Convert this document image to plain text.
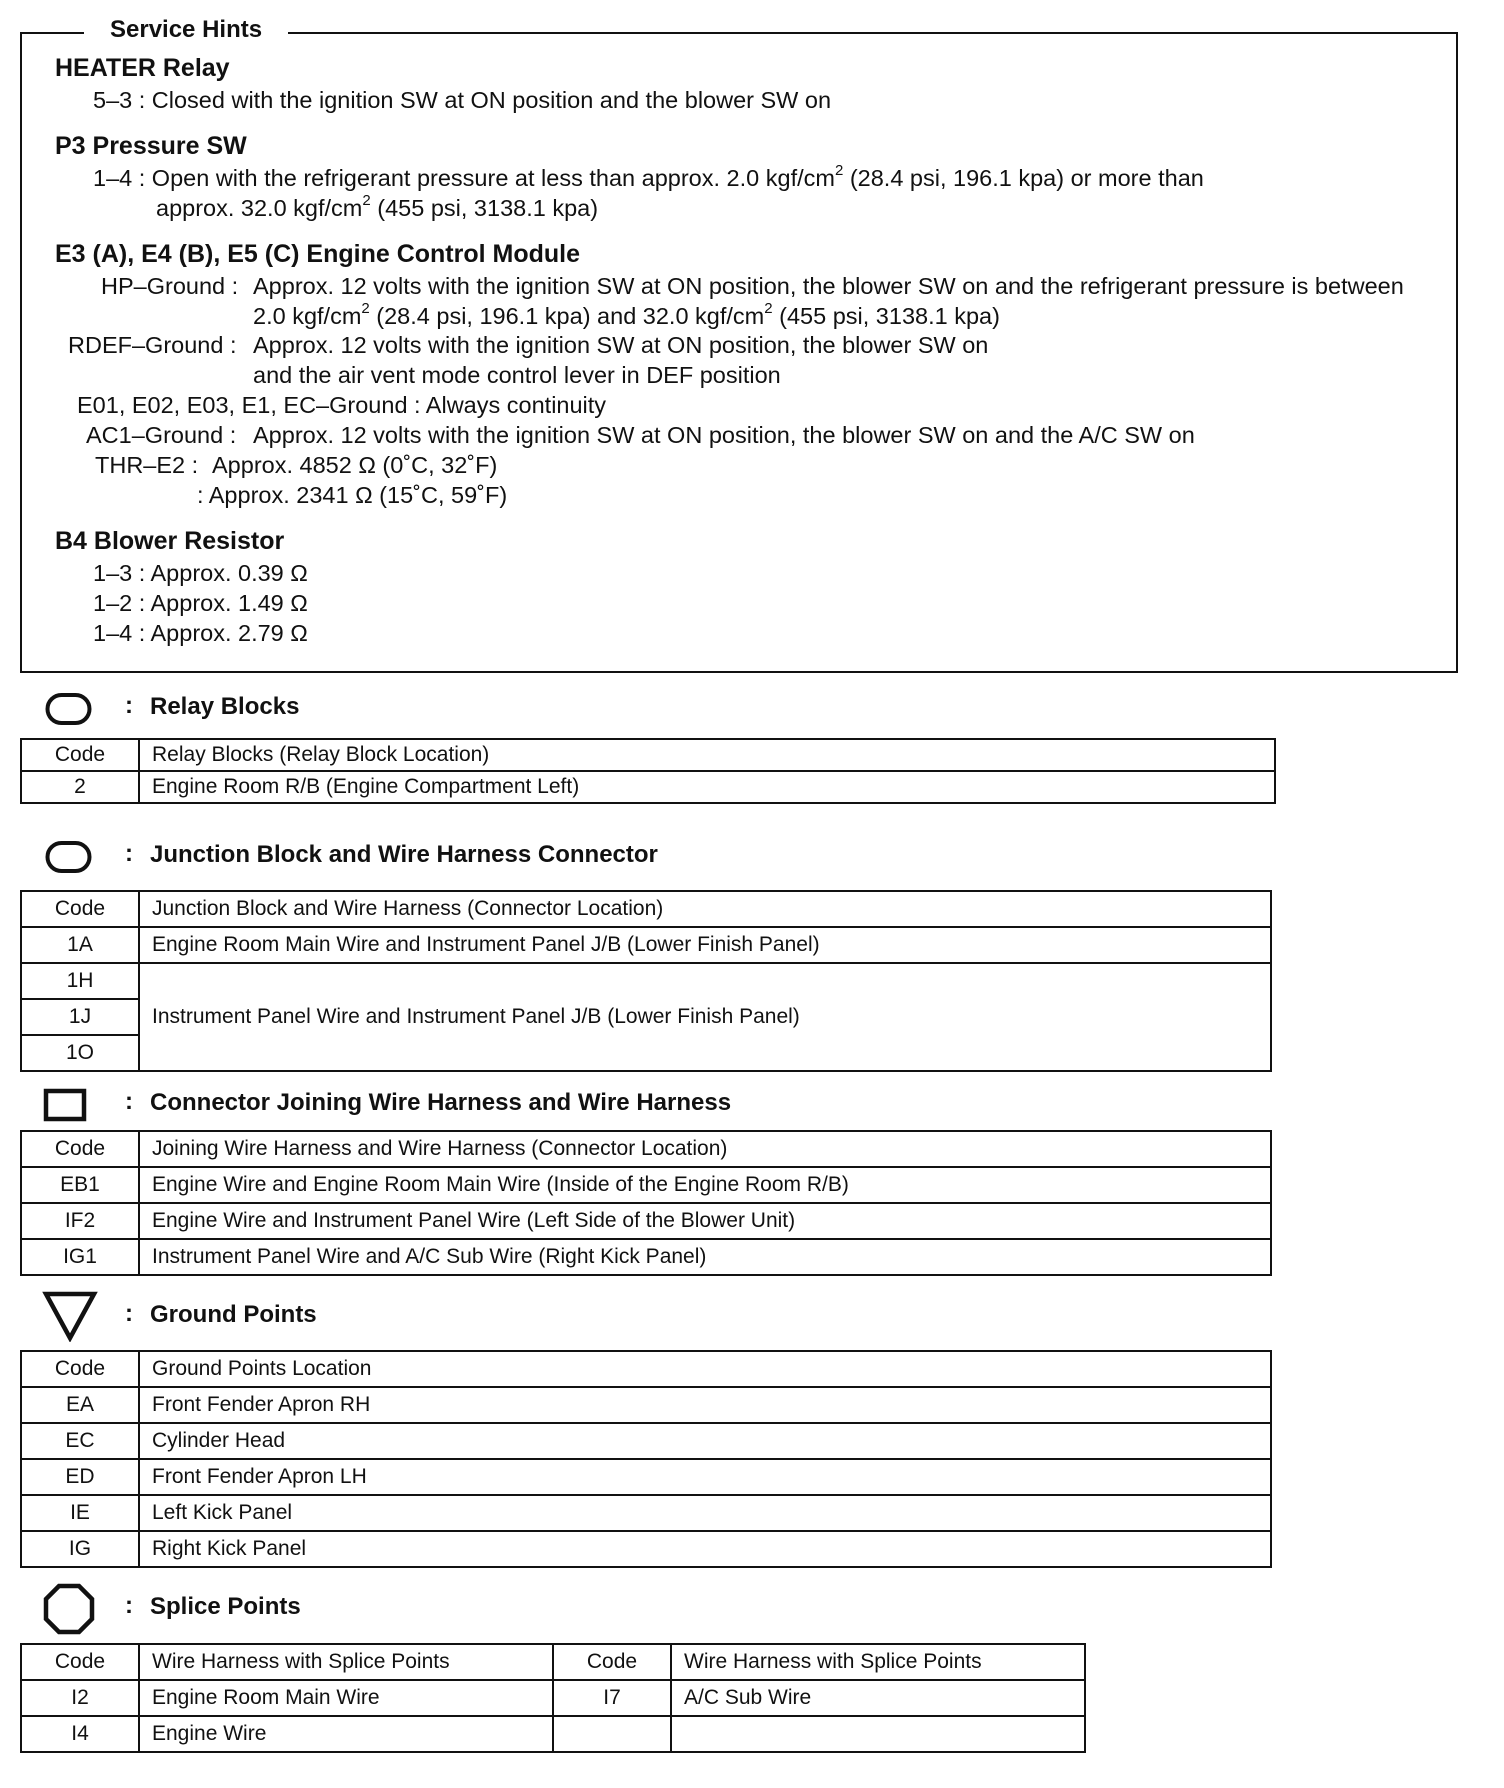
Service Hints
HEATER Relay
5–3 : Closed with the ignition SW at ON position and the blower SW on
P3 Pressure SW
1–4 : Open with the refrigerant pressure at less than approx. 2.0 kgf/$cm^2$ (28.4 psi, 196.1 kpa) or more than
approx. 32.0 kgf/$cm^2$ (455 psi, 3138.1 kpa)
E3 (A), E4 (B), E5 (C) Engine Control Module
HP–Ground : Approx. 12 volts with the ignition SW at ON position, the blower SW on and the refrigerant pressure is between
2.0 kgf/$cm^2$ (28.4 psi, 196.1 kpa) and 32.0 kgf/$cm^2$ (455 psi, 3138.1 kpa)
RDEF–Ground : Approx. 12 volts with the ignition SW at ON position, the blower SW on
and the air vent mode control lever in DEF position
E01, E02, E03, E1, EC–Ground : Always continuity
AC1–Ground : Approx. 12 volts with the ignition SW at ON position, the blower SW on and the A/C SW on
THR–E2 : Approx. 4852 Ω (0˚C, 32˚F)
: Approx. 2341 Ω (15˚C, 59˚F)
B4 Blower Resistor
1–3 : Approx. 0.39 Ω
1–2 : Approx. 1.49 Ω
1–4 : Approx. 2.79 Ω
: Relay Blocks
Code	Relay Blocks (Relay Block Location)
2	Engine Room R/B (Engine Compartment Left)
: Junction Block and Wire Harness Connector
Code	Junction Block and Wire Harness (Connector Location)
1A	Engine Room Main Wire and Instrument Panel J/B (Lower Finish Panel)
1H	Instrument Panel Wire and Instrument Panel J/B (Lower Finish Panel)
1J	
1O	
: Connector Joining Wire Harness and Wire Harness
Code	Joining Wire Harness and Wire Harness (Connector Location)
EB1	Engine Wire and Engine Room Main Wire (Inside of the Engine Room R/B)
IF2	Engine Wire and Instrument Panel Wire (Left Side of the Blower Unit)
IG1	Instrument Panel Wire and A/C Sub Wire (Right Kick Panel)
: Ground Points
Code	Ground Points Location
EA	Front Fender Apron RH
EC	Cylinder Head
ED	Front Fender Apron LH
IE	Left Kick Panel
IG	Right Kick Panel
: Splice Points
Code	Wire Harness with Splice Points	Code	Wire Harness with Splice Points
I2	Engine Room Main Wire	I7	A/C Sub Wire
I4	Engine Wire		
